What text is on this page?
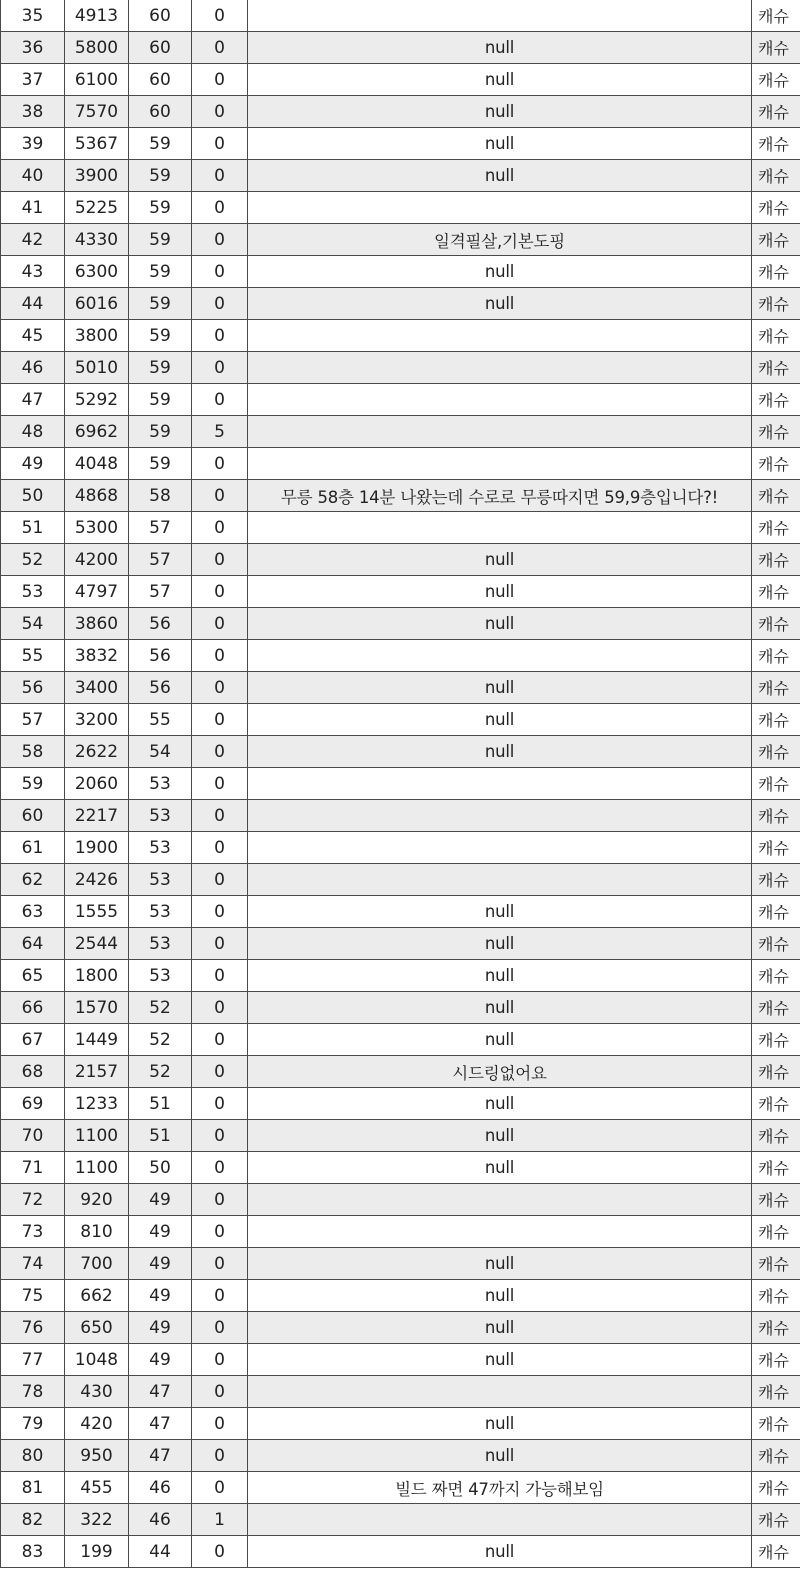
35	4913	60	0		캐슈
36	5800	60	0	null	캐슈
37	6100	60	0	null	캐슈
38	7570	60	0	null	캐슈
39	5367	59	0	null	캐슈
40	3900	59	0	null	캐슈
41	5225	59	0		캐슈
42	4330	59	0	일격필살,기본도핑	캐슈
43	6300	59	0	null	캐슈
44	6016	59	0	null	캐슈
45	3800	59	0		캐슈
46	5010	59	0		캐슈
47	5292	59	0		캐슈
48	6962	59	5		캐슈
49	4048	59	0		캐슈
50	4868	58	0	무릉 58층 14분 나왔는데 수로로 무릉따지면 59,9층입니다?!	캐슈
51	5300	57	0		캐슈
52	4200	57	0	null	캐슈
53	4797	57	0	null	캐슈
54	3860	56	0	null	캐슈
55	3832	56	0		캐슈
56	3400	56	0	null	캐슈
57	3200	55	0	null	캐슈
58	2622	54	0	null	캐슈
59	2060	53	0		캐슈
60	2217	53	0		캐슈
61	1900	53	0		캐슈
62	2426	53	0		캐슈
63	1555	53	0	null	캐슈
64	2544	53	0	null	캐슈
65	1800	53	0	null	캐슈
66	1570	52	0	null	캐슈
67	1449	52	0	null	캐슈
68	2157	52	0	시드링없어요	캐슈
69	1233	51	0	null	캐슈
70	1100	51	0	null	캐슈
71	1100	50	0	null	캐슈
72	920	49	0		캐슈
73	810	49	0		캐슈
74	700	49	0	null	캐슈
75	662	49	0	null	캐슈
76	650	49	0	null	캐슈
77	1048	49	0	null	캐슈
78	430	47	0		캐슈
79	420	47	0	null	캐슈
80	950	47	0	null	캐슈
81	455	46	0	빌드 짜면 47까지 가능해보임	캐슈
82	322	46	1		캐슈
83	199	44	0	null	캐슈
